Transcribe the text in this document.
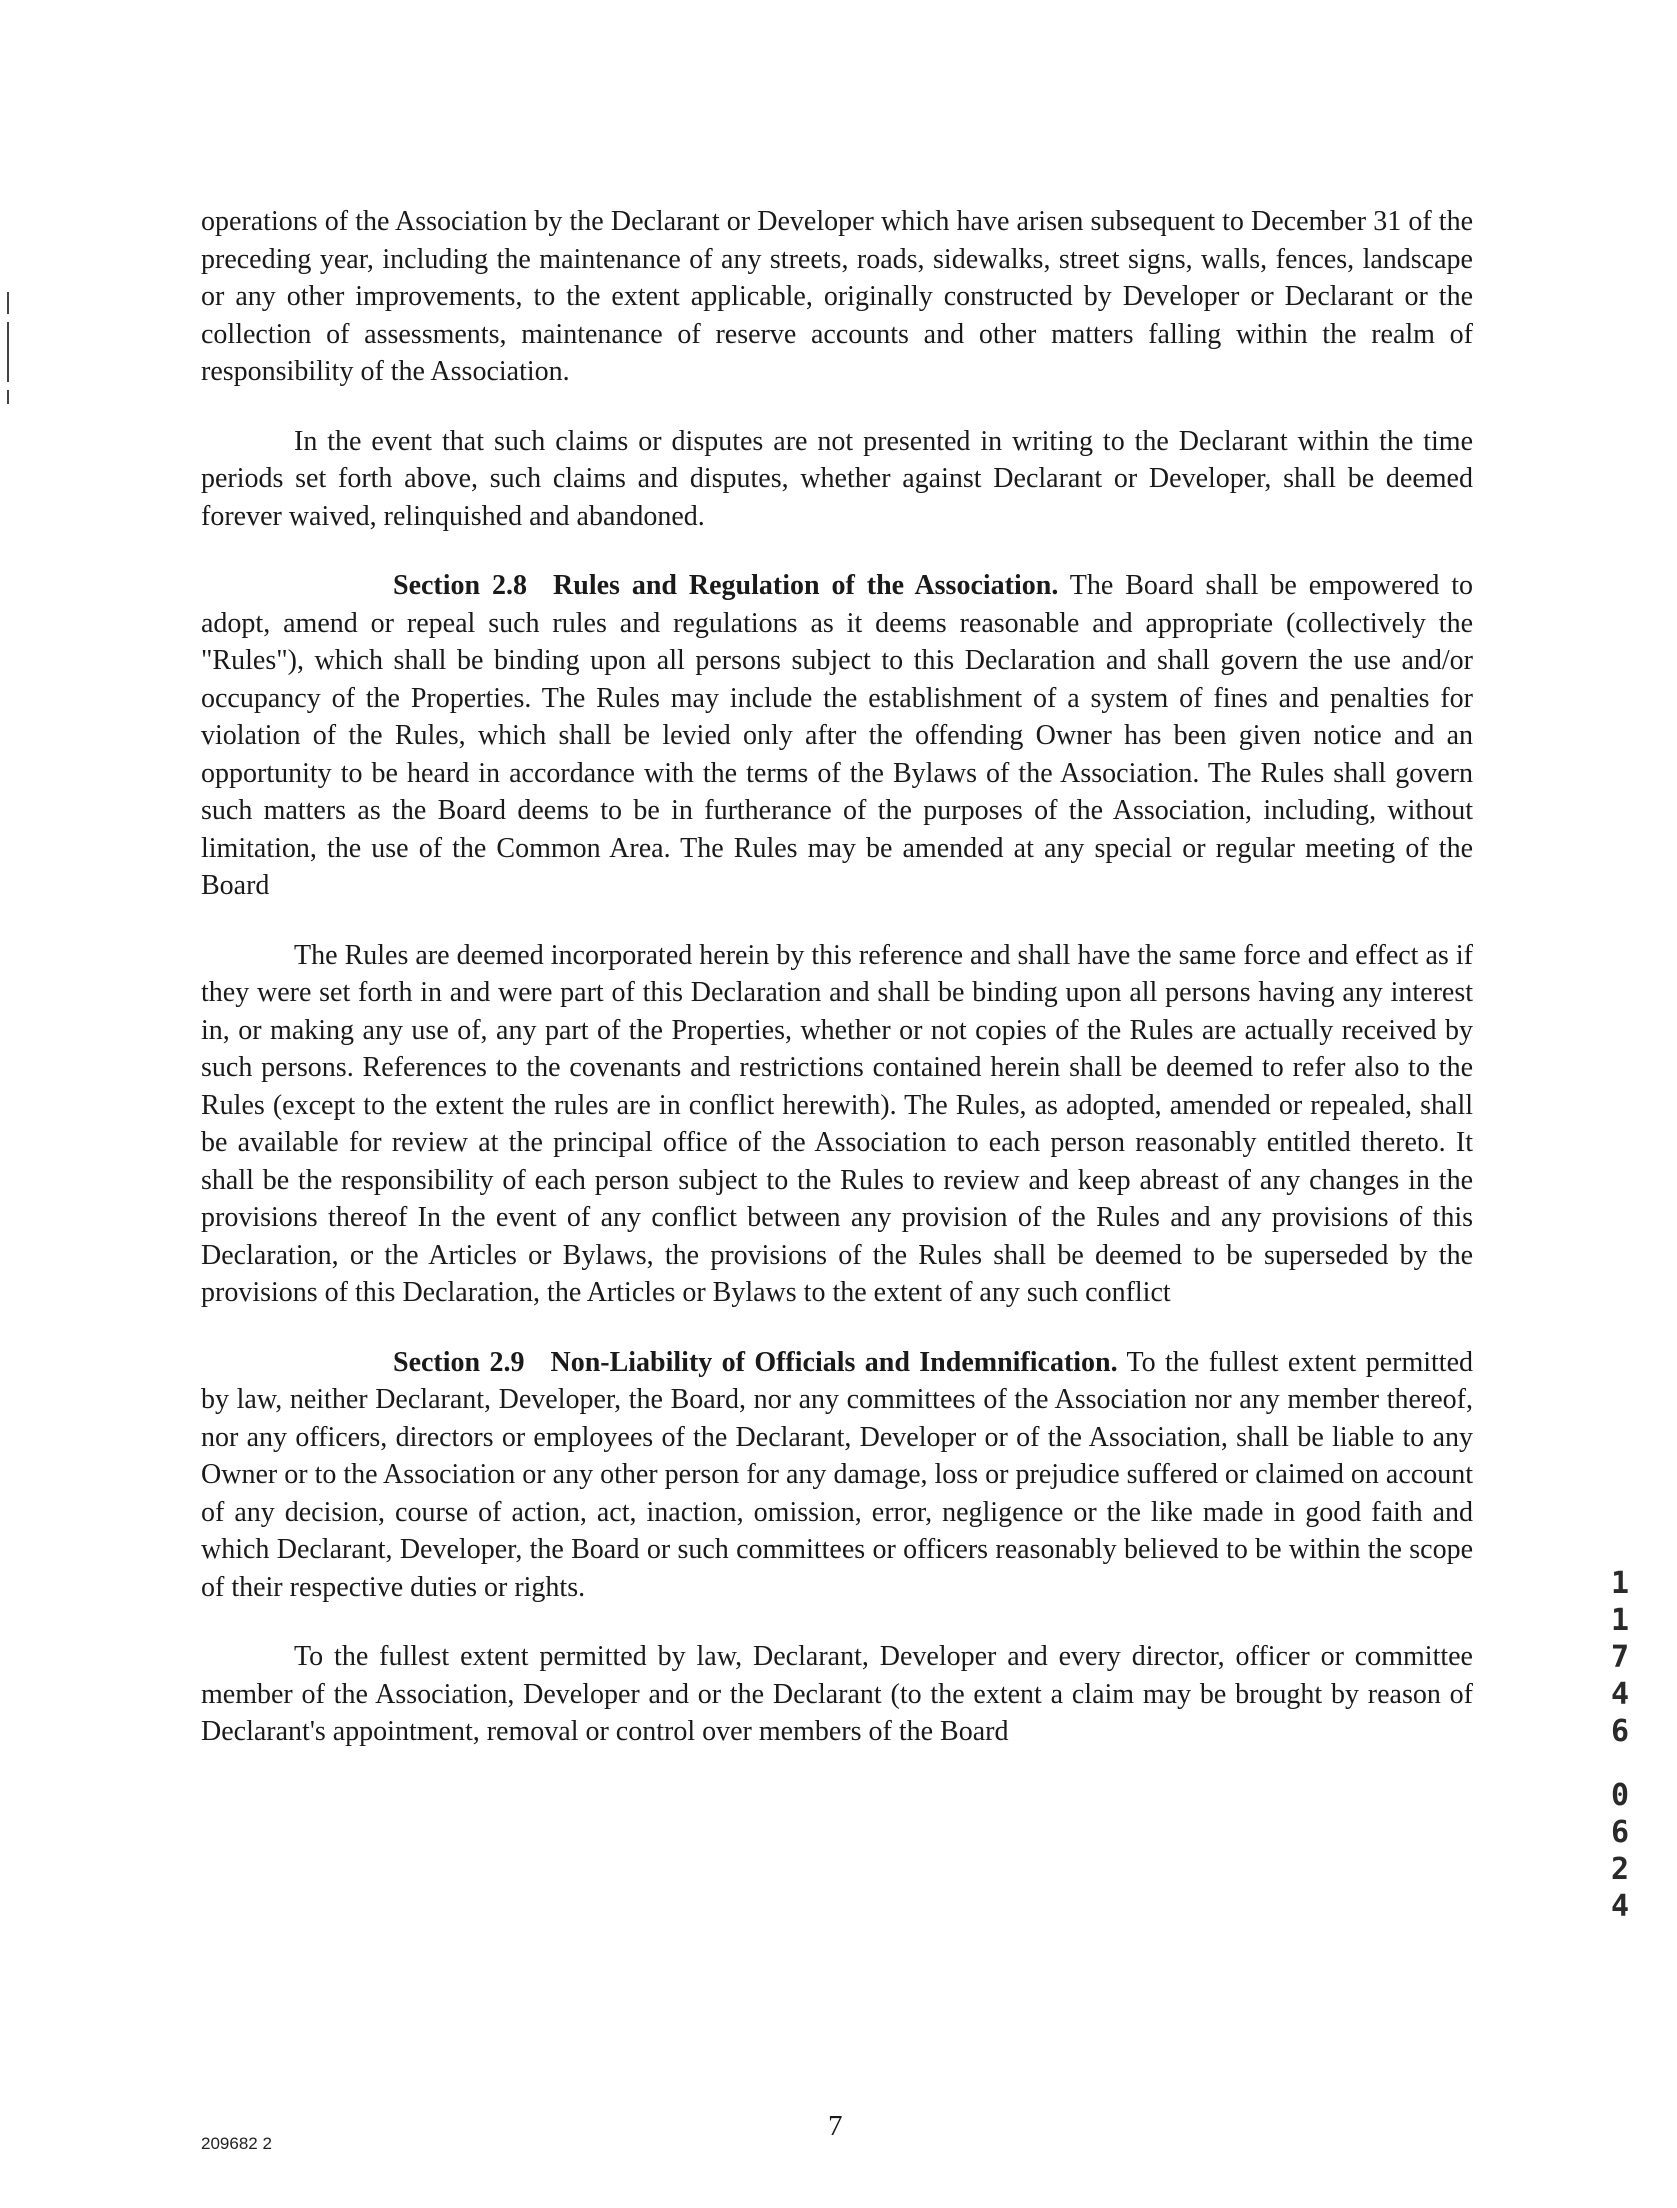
operations of the Association by the Declarant or Developer which have arisen subsequent to December 31 of the preceding year, including the maintenance of any streets, roads, sidewalks, street signs, walls, fences, landscape or any other improvements, to the extent applicable, originally constructed by Developer or Declarant or the collection of assessments, maintenance of reserve accounts and other matters falling within the realm of responsibility of the Association.

In the event that such claims or disputes are not presented in writing to the Declarant within the time periods set forth above, such claims and disputes, whether against Declarant or Developer, shall be deemed forever waived, relinquished and abandoned.

Section 2.8 Rules and Regulation of the Association. The Board shall be empowered to adopt, amend or repeal such rules and regulations as it deems reasonable and appropriate (collectively the "Rules"), which shall be binding upon all persons subject to this Declaration and shall govern the use and/or occupancy of the Properties. The Rules may include the establishment of a system of fines and penalties for violation of the Rules, which shall be levied only after the offending Owner has been given notice and an opportunity to be heard in accordance with the terms of the Bylaws of the Association. The Rules shall govern such matters as the Board deems to be in furtherance of the purposes of the Association, including, without limitation, the use of the Common Area. The Rules may be amended at any special or regular meeting of the Board

The Rules are deemed incorporated herein by this reference and shall have the same force and effect as if they were set forth in and were part of this Declaration and shall be binding upon all persons having any interest in, or making any use of, any part of the Properties, whether or not copies of the Rules are actually received by such persons. References to the covenants and restrictions contained herein shall be deemed to refer also to the Rules (except to the extent the rules are in conflict herewith). The Rules, as adopted, amended or repealed, shall be available for review at the principal office of the Association to each person reasonably entitled thereto. It shall be the responsibility of each person subject to the Rules to review and keep abreast of any changes in the provisions thereof In the event of any conflict between any provision of the Rules and any provisions of this Declaration, or the Articles or Bylaws, the provisions of the Rules shall be deemed to be superseded by the provisions of this Declaration, the Articles or Bylaws to the extent of any such conflict

Section 2.9 Non-Liability of Officials and Indemnification. To the fullest extent permitted by law, neither Declarant, Developer, the Board, nor any committees of the Association nor any member thereof, nor any officers, directors or employees of the Declarant, Developer or of the Association, shall be liable to any Owner or to the Association or any other person for any damage, loss or prejudice suffered or claimed on account of any decision, course of action, act, inaction, omission, error, negligence or the like made in good faith and which Declarant, Developer, the Board or such committees or officers reasonably believed to be within the scope of their respective duties or rights.

To the fullest extent permitted by law, Declarant, Developer and every director, officer or committee member of the Association, Developer and or the Declarant (to the extent a claim may be brought by reason of Declarant's appointment, removal or control over members of the Board

1
1
7
4
6
0
6
2
4
209682 2
7
